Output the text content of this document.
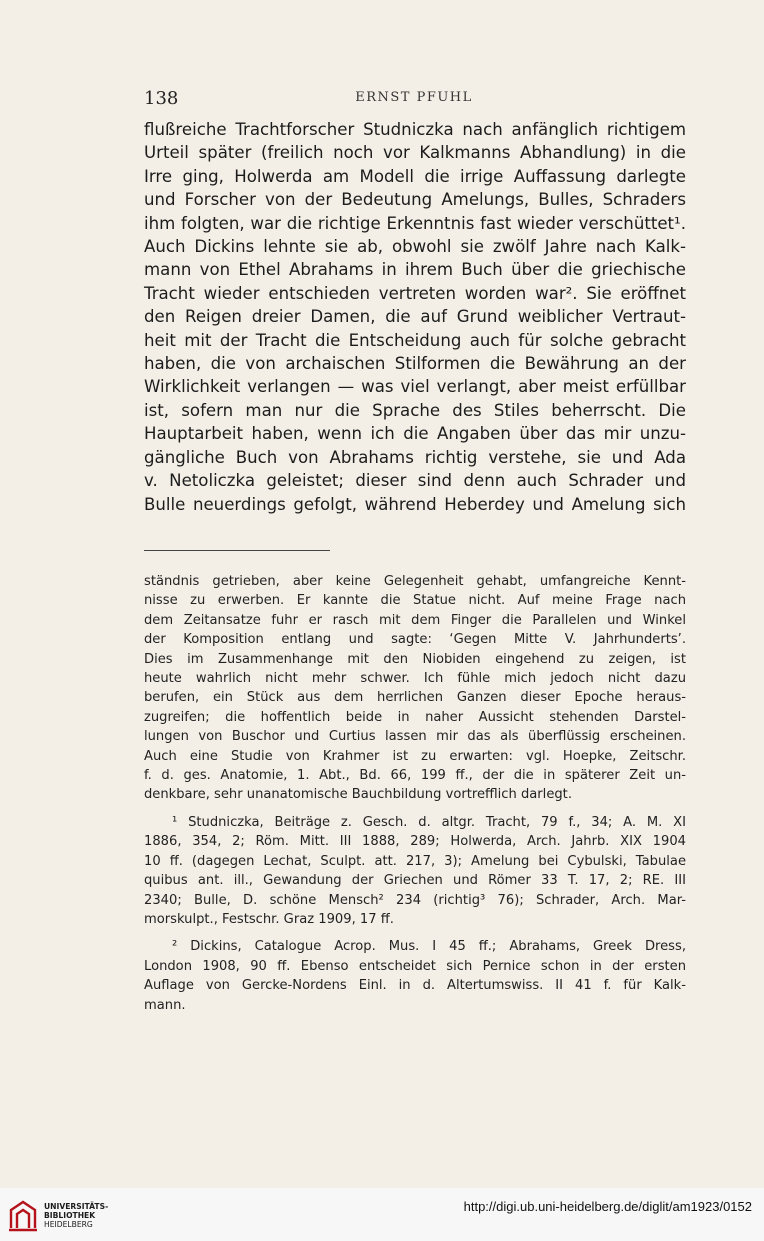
138	ERNST PFUHL
flußreiche Trachtforscher Studniczka nach anfänglich richtigem
Urteil später (freilich noch vor Kalkmanns Abhandlung) in die
Irre ging, Holwerda am Modell die irrige Auffassung darlegte
und Forscher von der Bedeutung Amelungs, Bulles, Schraders
ihm folgten, war die richtige Erkenntnis fast wieder verschüttet¹.
Auch Dickins lehnte sie ab, obwohl sie zwölf Jahre nach Kalk-
mann von Ethel Abrahams in ihrem Buch über die griechische
Tracht wieder entschieden vertreten worden war². Sie eröffnet
den Reigen dreier Damen, die auf Grund weiblicher Vertraut-
heit mit der Tracht die Entscheidung auch für solche gebracht
haben, die von archaischen Stilformen die Bewährung an der
Wirklichkeit verlangen — was viel verlangt, aber meist erfüllbar
ist, sofern man nur die Sprache des Stiles beherrscht. Die
Hauptarbeit haben, wenn ich die Angaben über das mir unzu-
gängliche Buch von Abrahams richtig verstehe, sie und Ada
v. Netoliczka geleistet; dieser sind denn auch Schrader und
Bulle neuerdings gefolgt, während Heberdey und Amelung sich
ständnis getrieben, aber keine Gelegenheit gehabt, umfangreiche Kennt-
nisse zu erwerben. Er kannte die Statue nicht. Auf meine Frage nach
dem Zeitansatze fuhr er rasch mit dem Finger die Parallelen und Winkel
der Komposition entlang und sagte: ‘Gegen Mitte V. Jahrhunderts’.
Dies im Zusammenhange mit den Niobiden eingehend zu zeigen, ist
heute wahrlich nicht mehr schwer. Ich fühle mich jedoch nicht dazu
berufen, ein Stück aus dem herrlichen Ganzen dieser Epoche heraus-
zugreifen; die hoffentlich beide in naher Aussicht stehenden Darstel-
lungen von Buschor und Curtius lassen mir das als überflüssig erscheinen.
Auch eine Studie von Krahmer ist zu erwarten: vgl. Hoepke, Zeitschr.
f. d. ges. Anatomie, 1. Abt., Bd. 66, 199 ff., der die in späterer Zeit un-
denkbare, sehr unanatomische Bauchbildung vortrefflich darlegt.
¹ Studniczka, Beiträge z. Gesch. d. altgr. Tracht, 79 f., 34; A. M. XI
1886, 354, 2; Röm. Mitt. III 1888, 289; Holwerda, Arch. Jahrb. XIX 1904
10 ff. (dagegen Lechat, Sculpt. att. 217, 3); Amelung bei Cybulski, Tabulae
quibus ant. ill., Gewandung der Griechen und Römer 33 T. 17, 2; RE. III
2340; Bulle, D. schöne Mensch² 234 (richtig³ 76); Schrader, Arch. Mar-
morskulpt., Festschr. Graz 1909, 17 ff.
² Dickins, Catalogue Acrop. Mus. I 45 ff.; Abrahams, Greek Dress,
London 1908, 90 ff. Ebenso entscheidet sich Pernice schon in der ersten
Auflage von Gercke-Nordens Einl. in d. Altertumswiss. II 41 f. für Kalk-
mann.
UNIVERSITÄTS-
BIBLIOTHEK
HEIDELBERG
http://digi.ub.uni-heidelberg.de/diglit/am1923/0152
